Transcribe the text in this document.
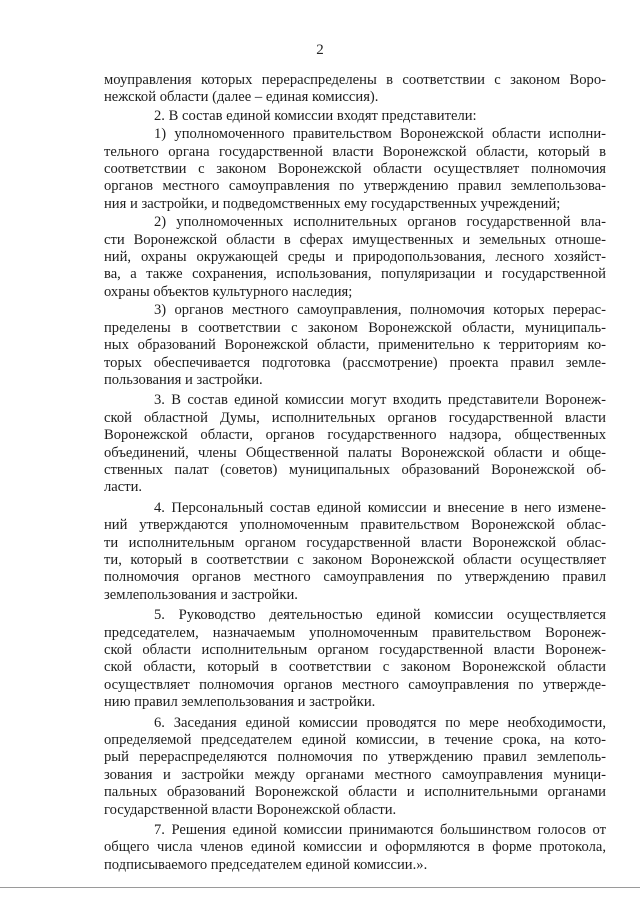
2
моуправления которых перераспределены в соответствии с законом Воро-
нежской области (далее – единая комиссия).
2. В состав единой комиссии входят представители:
1) уполномоченного правительством Воронежской области исполни-
тельного органа государственной власти Воронежской области, который в
соответствии с законом Воронежской области осуществляет полномочия
органов местного самоуправления по утверждению правил землепользова-
ния и застройки, и подведомственных ему государственных учреждений;
2) уполномоченных исполнительных органов государственной вла-
сти Воронежской области в сферах имущественных и земельных отноше-
ний, охраны окружающей среды и природопользования, лесного хозяйст-
ва, а также сохранения, использования, популяризации и государственной
охраны объектов культурного наследия;
3) органов местного самоуправления, полномочия которых перерас-
пределены в соответствии с законом Воронежской области, муниципаль-
ных образований Воронежской области, применительно к территориям ко-
торых обеспечивается подготовка (рассмотрение) проекта правил земле-
пользования и застройки.
3. В состав единой комиссии могут входить представители Воронеж-
ской областной Думы, исполнительных органов государственной власти
Воронежской области, органов государственного надзора, общественных
объединений, члены Общественной палаты Воронежской области и обще-
ственных палат (советов) муниципальных образований Воронежской об-
ласти.
4. Персональный состав единой комиссии и внесение в него измене-
ний утверждаются уполномоченным правительством Воронежской облас-
ти исполнительным органом государственной власти Воронежской облас-
ти, который в соответствии с законом Воронежской области осуществляет
полномочия органов местного самоуправления по утверждению правил
землепользования и застройки.
5. Руководство деятельностью единой комиссии осуществляется
председателем, назначаемым уполномоченным правительством Воронеж-
ской области исполнительным органом государственной власти Воронеж-
ской области, который в соответствии с законом Воронежской области
осуществляет полномочия органов местного самоуправления по утвержде-
нию правил землепользования и застройки.
6. Заседания единой комиссии проводятся по мере необходимости,
определяемой председателем единой комиссии, в течение срока, на кото-
рый перераспределяются полномочия по утверждению правил землеполь-
зования и застройки между органами местного самоуправления муници-
пальных образований Воронежской области и исполнительными органами
государственной власти Воронежской области.
7. Решения единой комиссии принимаются большинством голосов от
общего числа членов единой комиссии и оформляются в форме протокола,
подписываемого председателем единой комиссии.».
